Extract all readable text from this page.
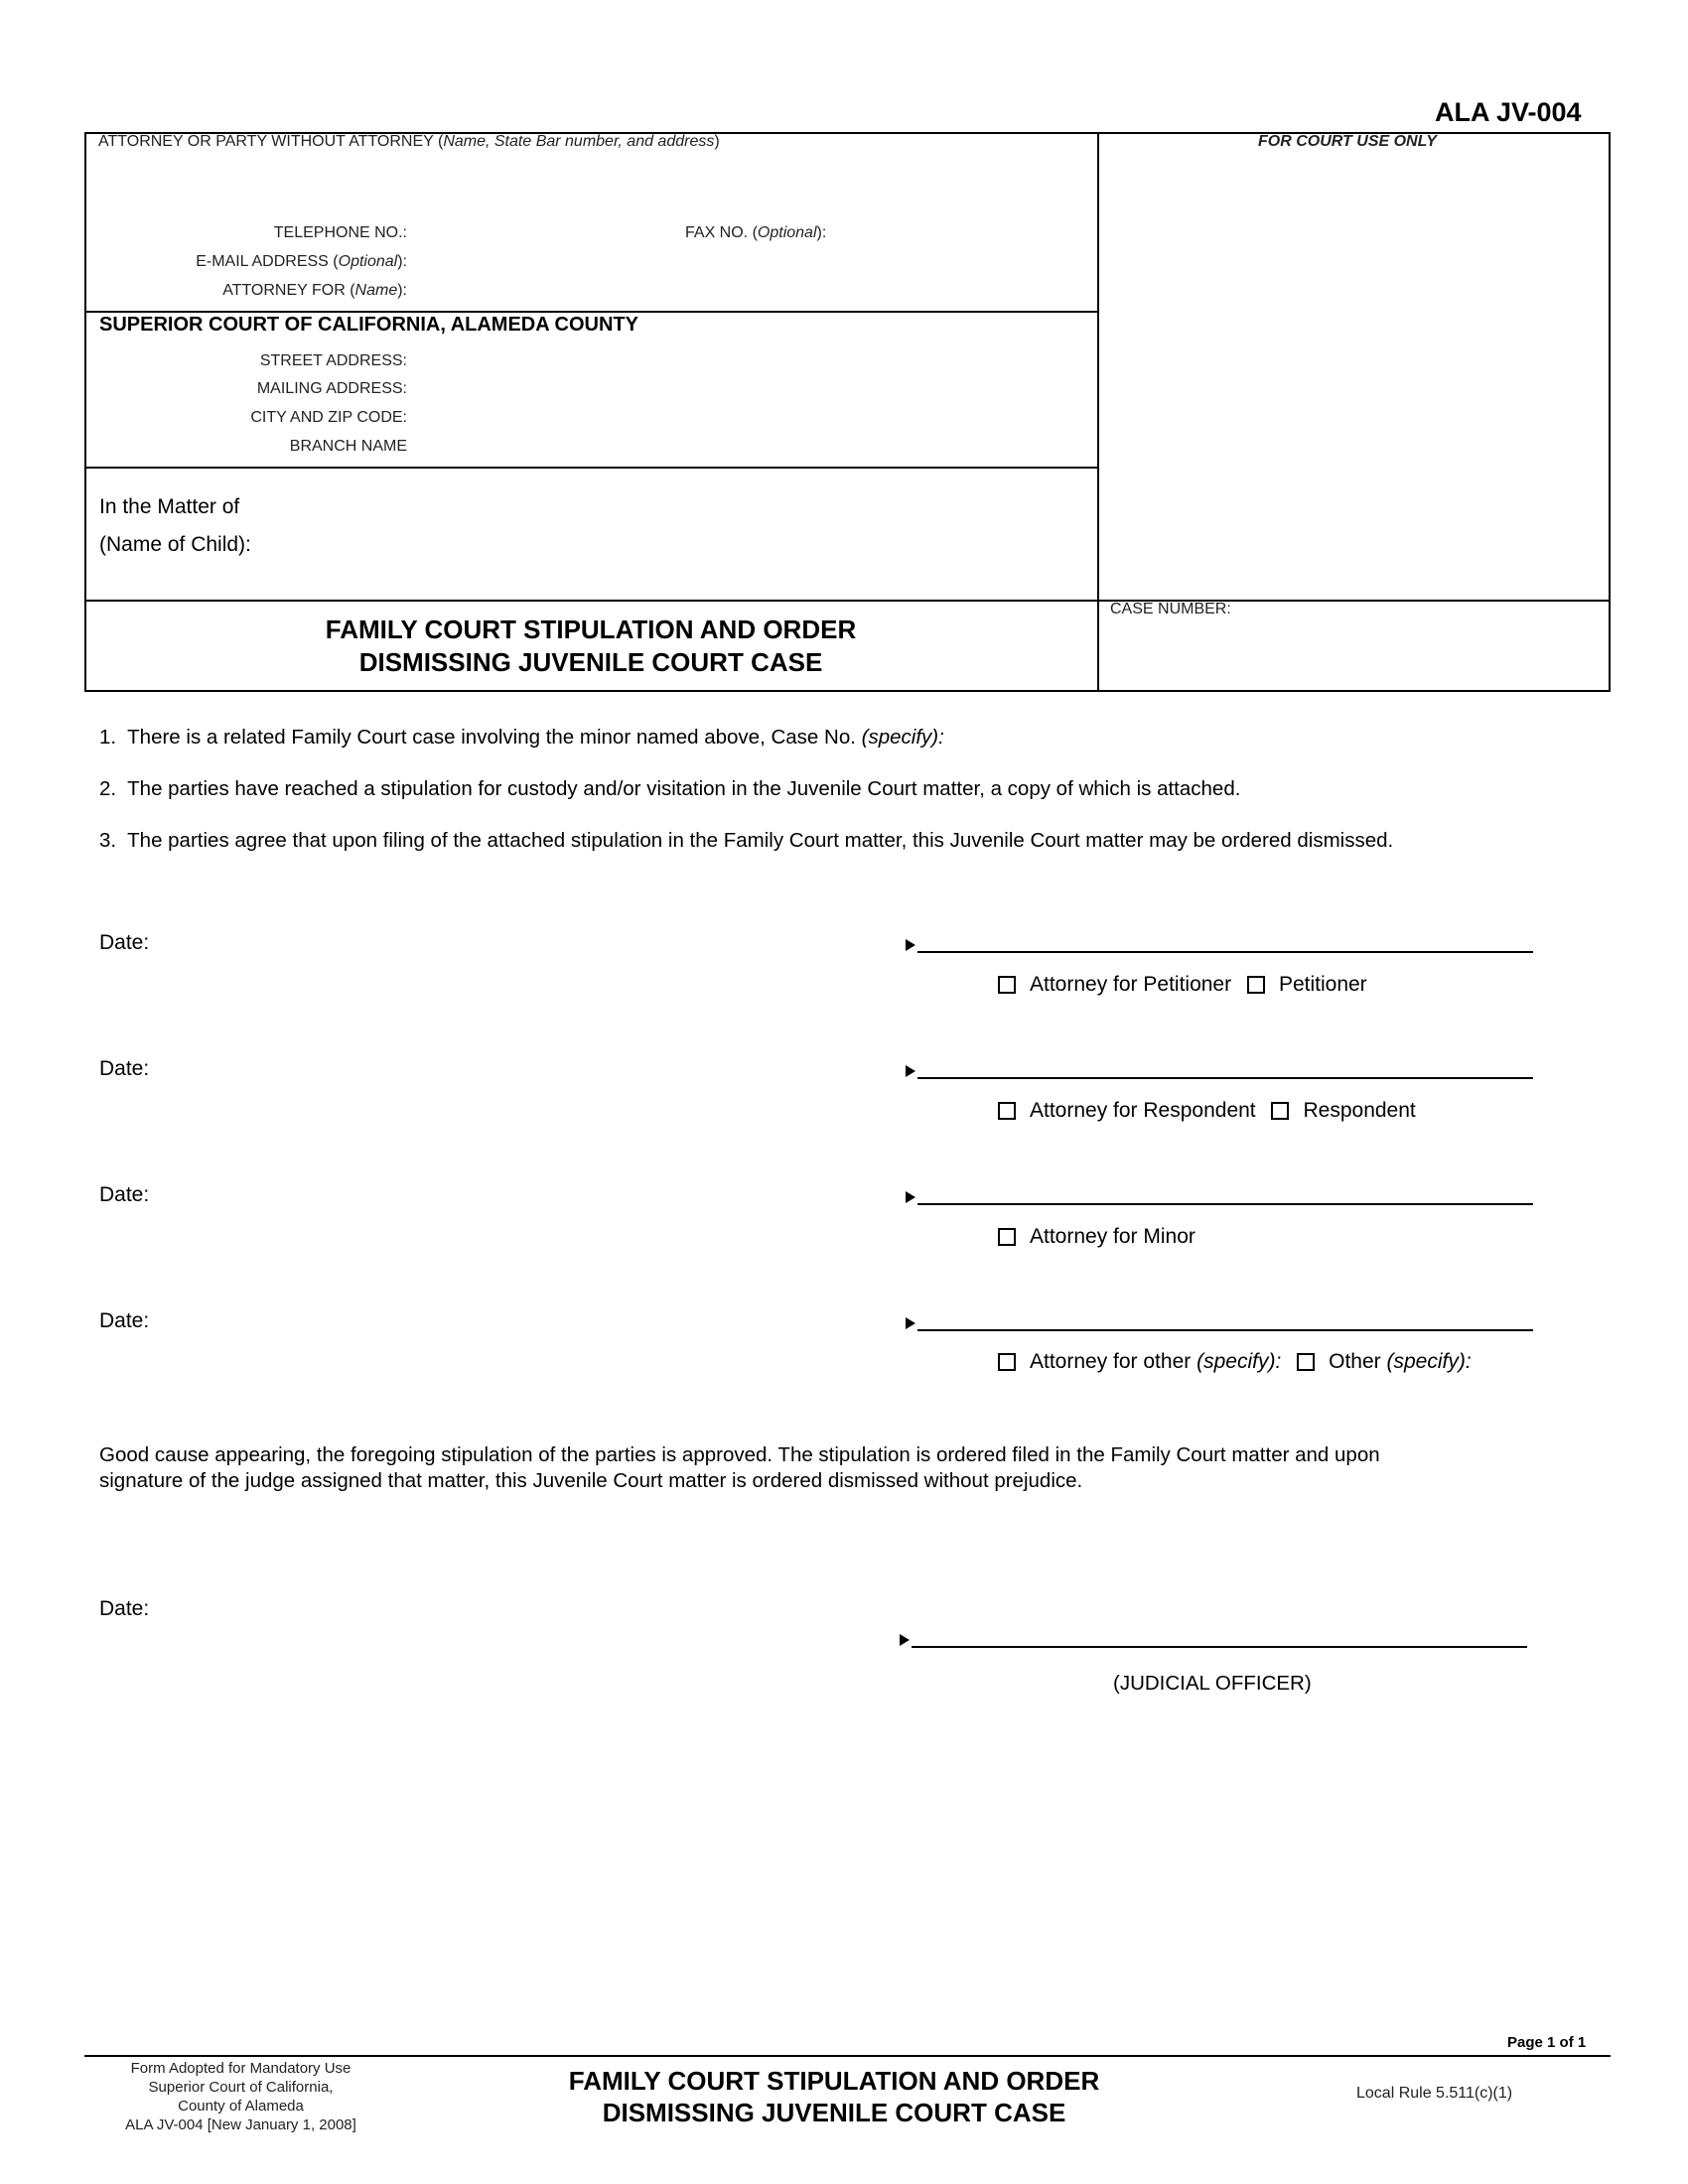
ALA JV-004
ATTORNEY OR PARTY WITHOUT ATTORNEY (Name, State Bar number, and address)	FOR COURT USE ONLY
TELEPHONE NO.:	FAX NO. (Optional):
E-MAIL ADDRESS (Optional):
ATTORNEY FOR (Name):
SUPERIOR COURT OF CALIFORNIA, ALAMEDA COUNTY
STREET ADDRESS:
MAILING ADDRESS:
CITY AND ZIP CODE:
BRANCH NAME
In the Matter of
(Name of Child):
FAMILY COURT STIPULATION AND ORDER
DISMISSING JUVENILE COURT CASE
CASE NUMBER:
1. There is a related Family Court case involving the minor named above, Case No. (specify):
2. The parties have reached a stipulation for custody and/or visitation in the Juvenile Court matter, a copy of which is attached.
3. The parties agree that upon filing of the attached stipulation in the Family Court matter, this Juvenile Court matter may be ordered dismissed.
Date:
Attorney for Petitioner Petitioner
Date:
Attorney for Respondent Respondent
Date:
Attorney for Minor
Date:
Attorney for other (specify): Other (specify):
Good cause appearing, the foregoing stipulation of the parties is approved. The stipulation is ordered filed in the Family Court matter and upon
signature of the judge assigned that matter, this Juvenile Court matter is ordered dismissed without prejudice.
Date:
(JUDICIAL OFFICER)
Page 1 of 1
Form Adopted for Mandatory Use
Superior Court of California,
County of Alameda
ALA JV-004 [New January 1, 2008]
FAMILY COURT STIPULATION AND ORDER
DISMISSING JUVENILE COURT CASE
Local Rule 5.511(c)(1)
